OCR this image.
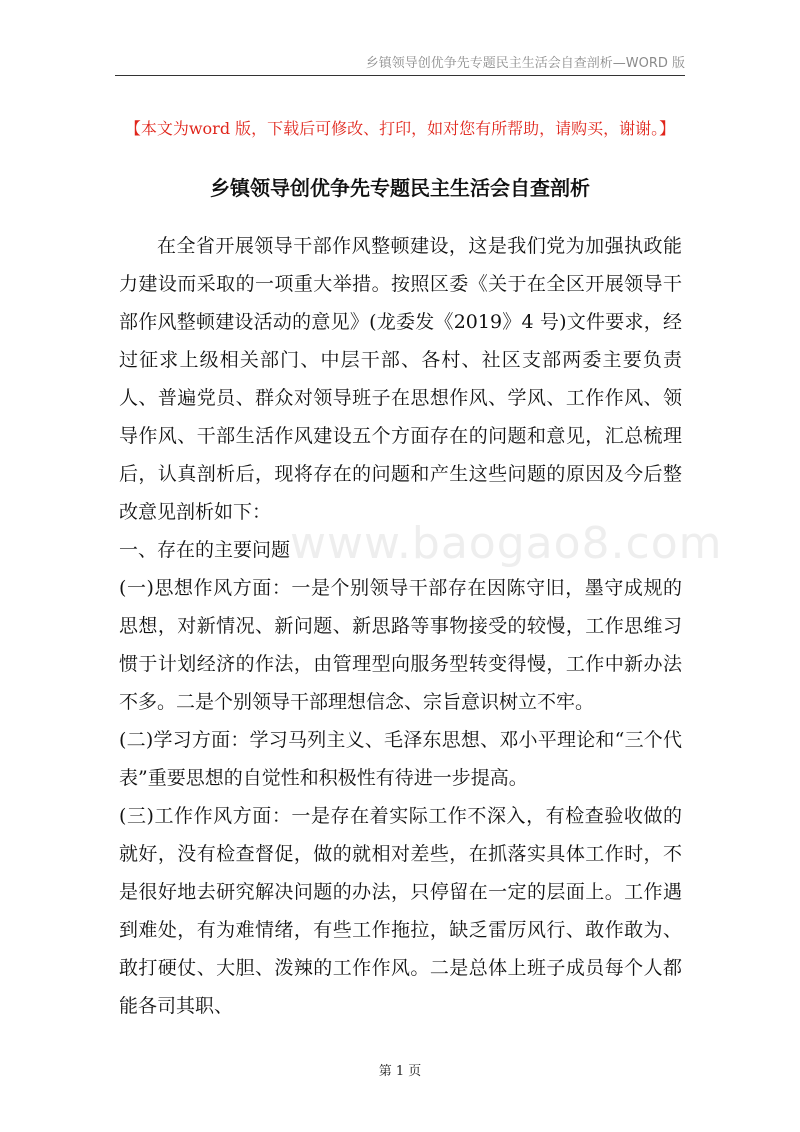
乡镇领导创优争先专题民主生活会自查剖析—WORD 版
【本文为word 版，下载后可修改、打印，如对您有所帮助，请购买，谢谢。】
乡镇领导创优争先专题民主生活会自查剖析
www.baogao8.com

在全省开展领导干部作风整顿建设，这是我们党为加强执政能力建设而采取的一项重大举措。按照区委《关于在全区开展领导干部作风整顿建设活动的意见》(龙委发《2019》4 号)文件要求，经过征求上级相关部门、中层干部、各村、社区支部两委主要负责人、普遍党员、群众对领导班子在思想作风、学风、工作作风、领导作风、干部生活作风建设五个方面存在的问题和意见，汇总梳理后，认真剖析后，现将存在的问题和产生这些问题的原因及今后整改意见剖析如下：

一、存在的主要问题

(一)思想作风方面：一是个别领导干部存在因陈守旧，墨守成规的思想，对新情况、新问题、新思路等事物接受的较慢，工作思维习惯于计划经济的作法，由管理型向服务型转变得慢，工作中新办法不多。二是个别领导干部理想信念、宗旨意识树立不牢。

(二)学习方面：学习马列主义、毛泽东思想、邓小平理论和“三个代表”重要思想的自觉性和积极性有待进一步提高。

(三)工作作风方面：一是存在着实际工作不深入，有检查验收做的就好，没有检查督促，做的就相对差些，在抓落实具体工作时，不是很好地去研究解决问题的办法，只停留在一定的层面上。工作遇到难处，有为难情绪，有些工作拖拉，缺乏雷厉风行、敢作敢为、敢打硬仗、大胆、泼辣的工作作风。二是总体上班子成员每个人都能各司其职、

第 1 页
